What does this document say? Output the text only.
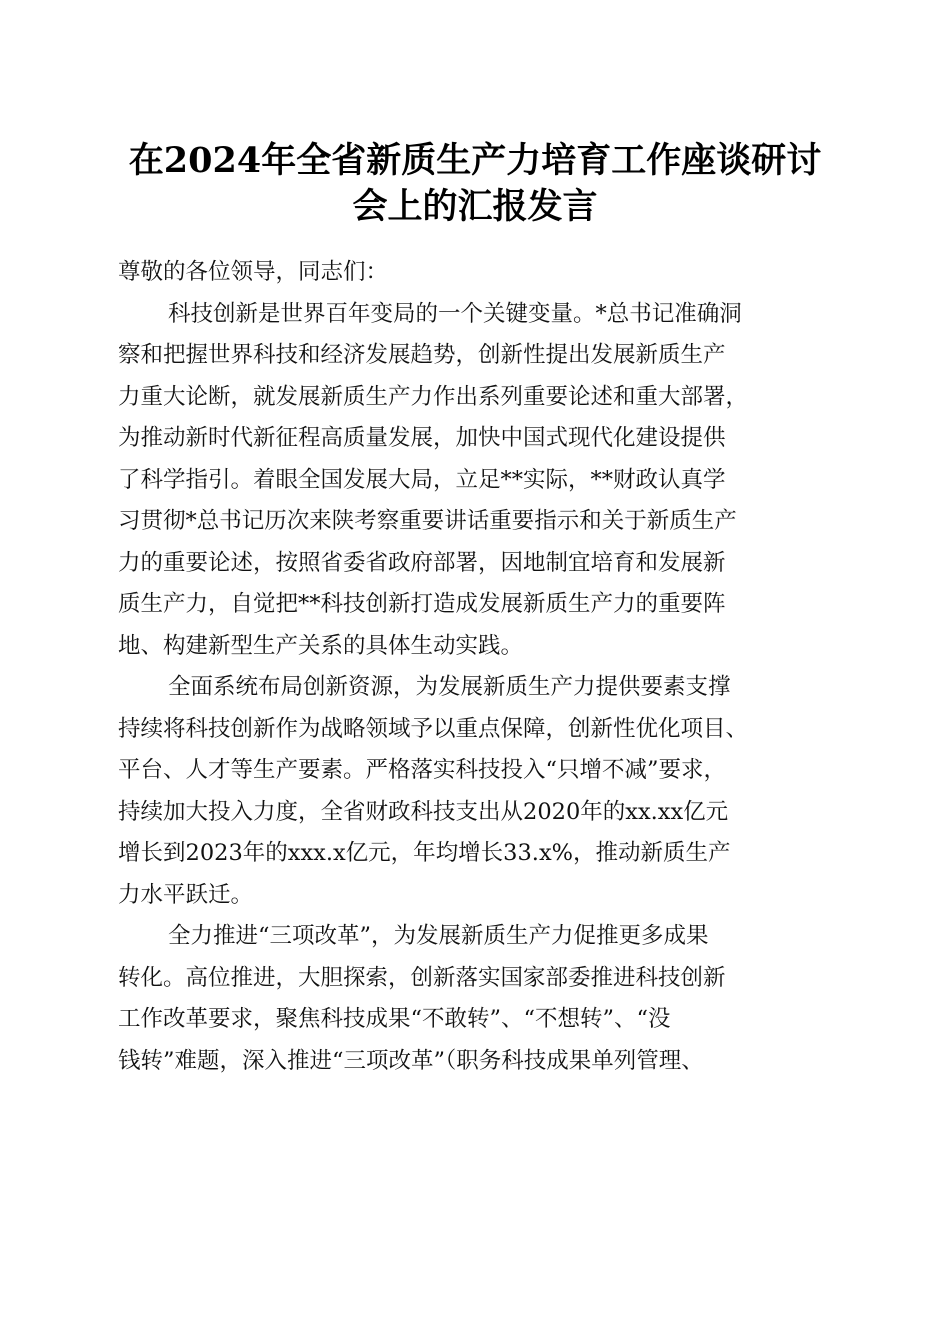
在2024年全省新质生产力培育工作座谈研讨
会上的汇报发言
尊敬的各位领导，同志们：
科技创新是世界百年变局的一个关键变量。*总书记准确洞
察和把握世界科技和经济发展趋势，创新性提出发展新质生产
力重大论断，就发展新质生产力作出系列重要论述和重大部署，
为推动新时代新征程高质量发展，加快中国式现代化建设提供
了科学指引。着眼全国发展大局，立足**实际，**财政认真学
习贯彻*总书记历次来陕考察重要讲话重要指示和关于新质生产
力的重要论述，按照省委省政府部署，因地制宜培育和发展新
质生产力，自觉把**科技创新打造成发展新质生产力的重要阵
地、构建新型生产关系的具体生动实践。
全面系统布局创新资源，为发展新质生产力提供要素支撑
持续将科技创新作为战略领域予以重点保障，创新性优化项目、
平台、人才等生产要素。严格落实科技投入“只增不减”要求，
持续加大投入力度，全省财政科技支出从2020年的xx.xx亿元
增长到2023年的xxx.x亿元，年均增长33.x%，推动新质生产
力水平跃迁。
全力推进“三项改革”，为发展新质生产力促推更多成果
转化。高位推进，大胆探索，创新落实国家部委推进科技创新
工作改革要求，聚焦科技成果“不敢转”、“不想转”、“没
钱转”难题，深入推进“三项改革”（职务科技成果单列管理、
